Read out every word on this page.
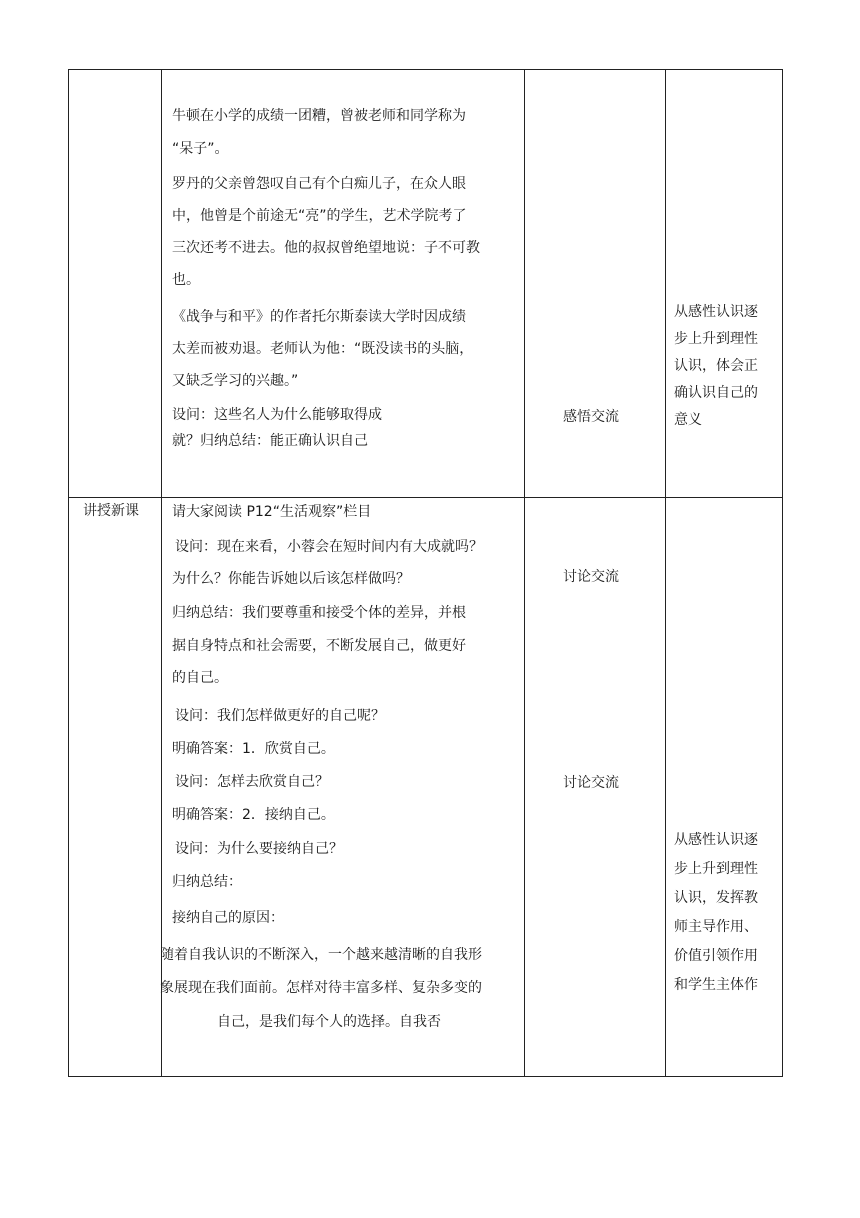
牛顿在小学的成绩一团糟，曾被老师和同学称为
“呆子”。
罗丹的父亲曾怨叹自己有个白痴儿子，在众人眼
中，他曾是个前途无“亮”的学生，艺术学院考了
三次还考不进去。他的叔叔曾绝望地说：子不可教
也。
《战争与和平》的作者托尔斯泰读大学时因成绩
太差而被劝退。老师认为他：“既没读书的头脑，
又缺乏学习的兴趣。”
设问：这些名人为什么能够取得成
就？归纳总结：能正确认识自己
感悟交流
从感性认识逐
步上升到理性
认识，体会正
确认识自己的
意义
讲授新课 请大家阅读 P12“生活观察”栏目
设问：现在来看，小蓉会在短时间内有大成就吗？
为什么？你能告诉她以后该怎样做吗？
归纳总结：我们要尊重和接受个体的差异，并根
据自身特点和社会需要，不断发展自己，做更好
的自己。
设问：我们怎样做更好的自己呢？
明确答案：1．欣赏自己。
设问：怎样去欣赏自己？
明确答案：2．接纳自己。
设问：为什么要接纳自己？
归纳总结：
接纳自己的原因：
随着自我认识的不断深入，一个越来越清晰的自我形
象展现在我们面前。怎样对待丰富多样、复杂多变的
自己，是我们每个人的选择。自我否
讨论交流
讨论交流
从感性认识逐
步上升到理性
认识，发挥教
师主导作用、
价值引领作用
和学生主体作
